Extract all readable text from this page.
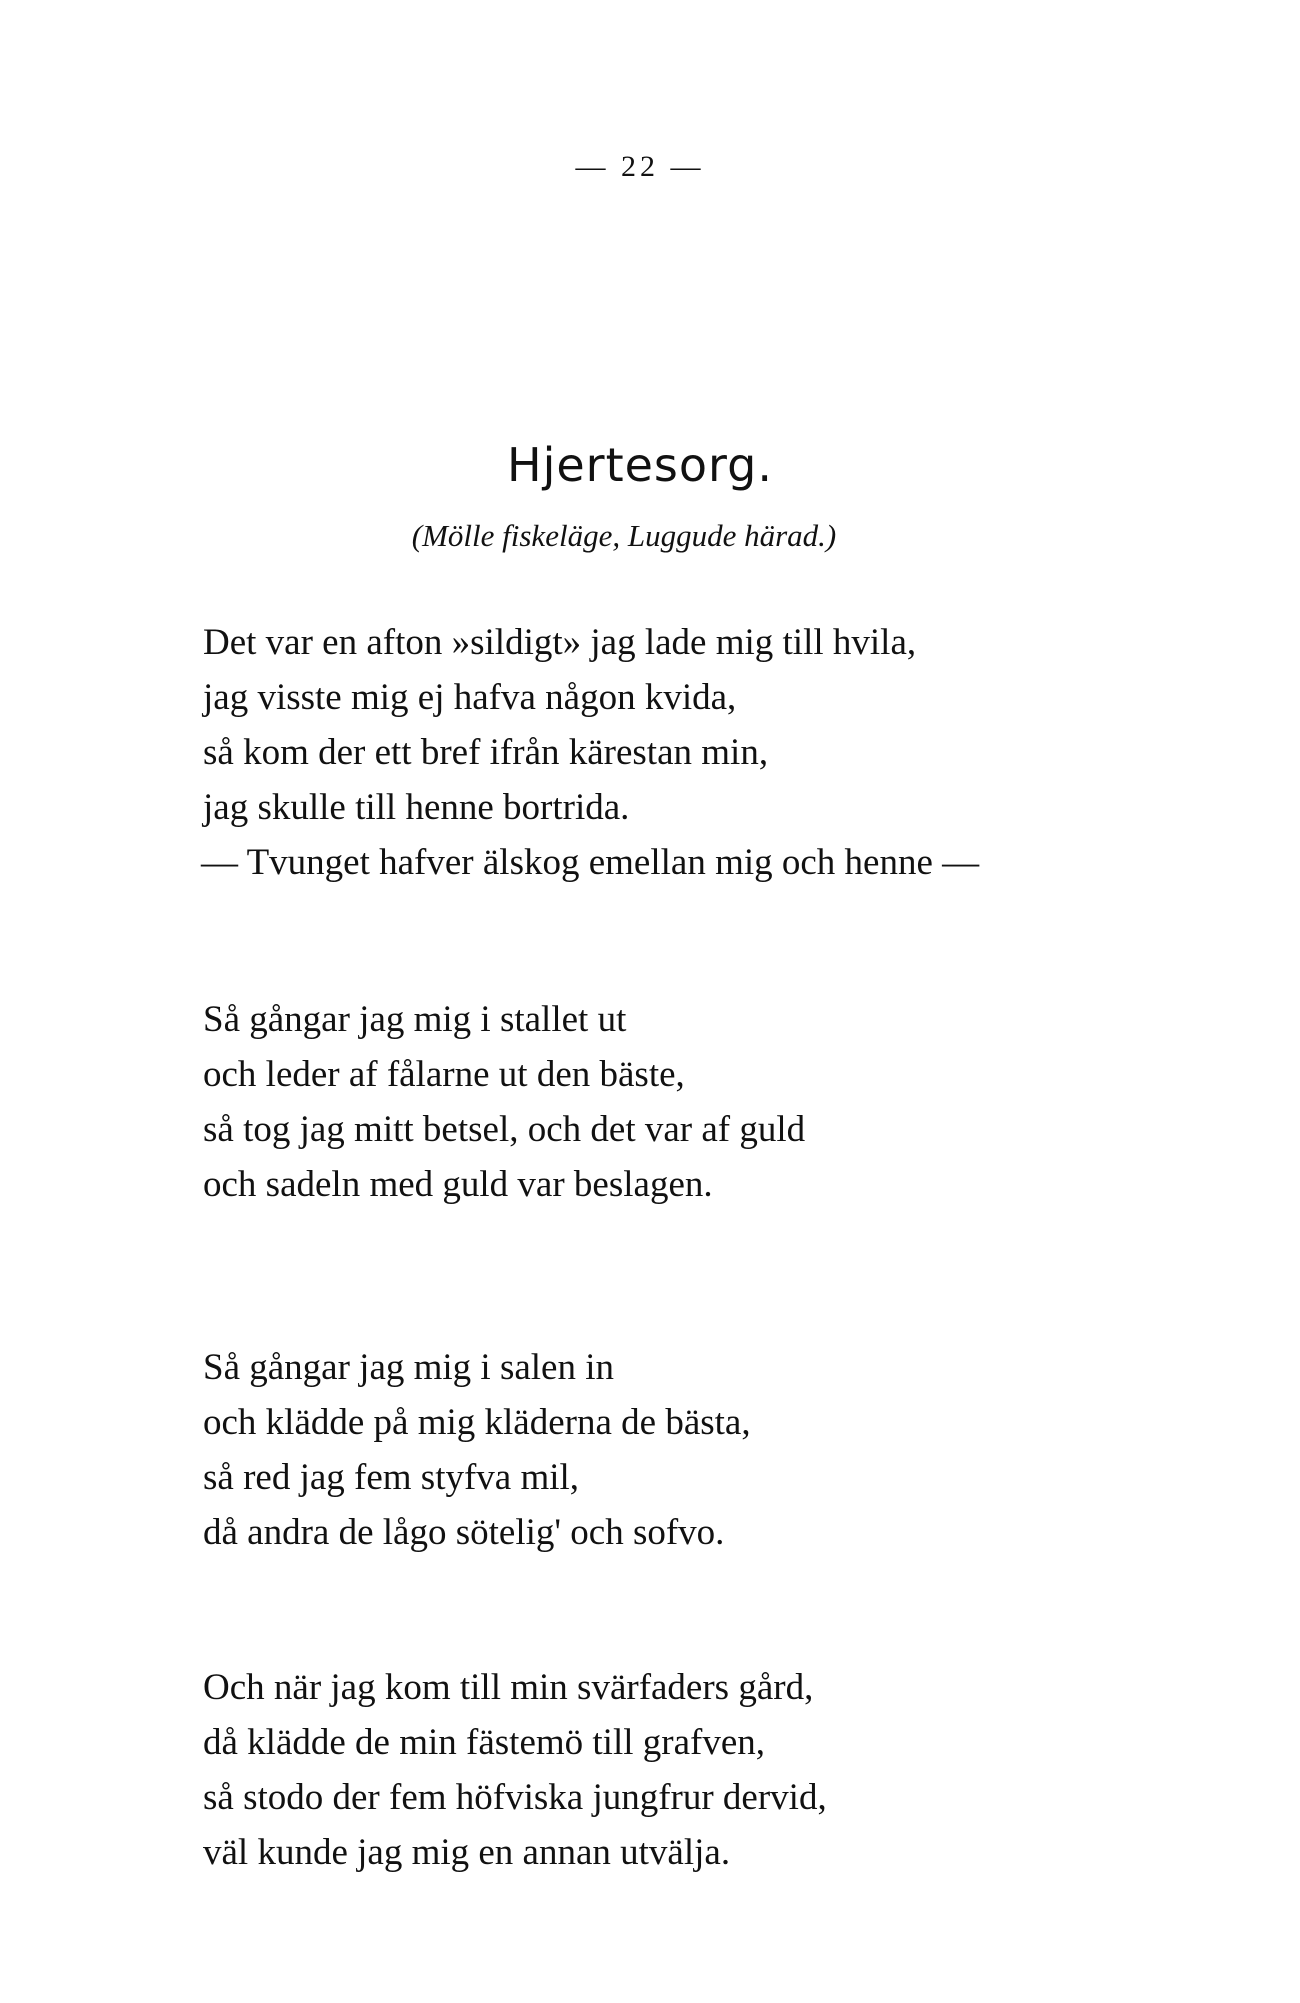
— 22 —
Hjertesorg.
(Mölle fiskeläge, Luggude härad.)
Det var en afton »sildigt» jag lade mig till hvila,
jag visste mig ej hafva någon kvida,
så kom der ett bref ifrån kärestan min,
jag skulle till henne bortrida.
— Tvunget hafver älskog emellan mig och henne —
Så gångar jag mig i stallet ut
och leder af fålarne ut den bäste,
så tog jag mitt betsel, och det var af guld
och sadeln med guld var beslagen.
Så gångar jag mig i salen in
och klädde på mig kläderna de bästa,
så red jag fem styfva mil,
då andra de lågo sötelig' och sofvo.
Och när jag kom till min svärfaders gård,
då klädde de min fästemö till grafven,
så stodo der fem höfviska jungfrur dervid,
väl kunde jag mig en annan utvälja.
